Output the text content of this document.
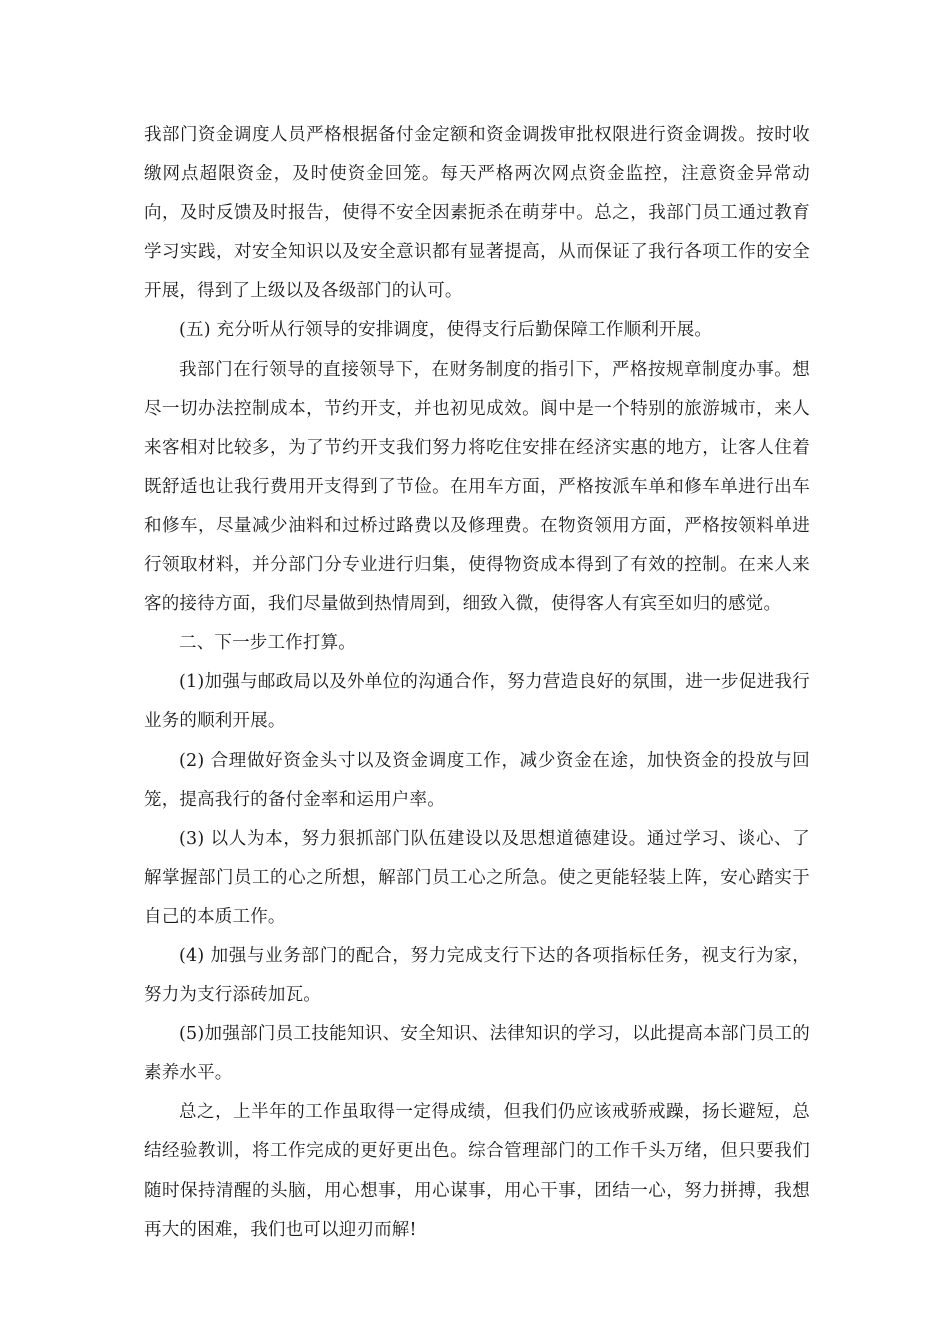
我部门资金调度人员严格根据备付金定额和资金调拨审批权限进行资金调拨。按时收缴网点超限资金，及时使资金回笼。每天严格两次网点资金监控，注意资金异常动向，及时反馈及时报告，使得不安全因素扼杀在萌芽中。总之，我部门员工通过教育学习实践，对安全知识以及安全意识都有显著提高，从而保证了我行各项工作的安全开展，得到了上级以及各级部门的认可。

(五) 充分听从行领导的安排调度，使得支行后勤保障工作顺利开展。

我部门在行领导的直接领导下，在财务制度的指引下，严格按规章制度办事。想尽一切办法控制成本，节约开支，并也初见成效。阆中是一个特别的旅游城市，来人来客相对比较多，为了节约开支我们努力将吃住安排在经济实惠的地方，让客人住着既舒适也让我行费用开支得到了节俭。在用车方面，严格按派车单和修车单进行出车和修车，尽量减少油料和过桥过路费以及修理费。在物资领用方面，严格按领料单进行领取材料，并分部门分专业进行归集，使得物资成本得到了有效的控制。在来人来客的接待方面，我们尽量做到热情周到，细致入微，使得客人有宾至如归的感觉。

二、下一步工作打算。

(1)加强与邮政局以及外单位的沟通合作，努力营造良好的氛围，进一步促进我行业务的顺利开展。

(2) 合理做好资金头寸以及资金调度工作，减少资金在途，加快资金的投放与回笼，提高我行的备付金率和运用户率。

(3) 以人为本，努力狠抓部门队伍建设以及思想道德建设。通过学习、谈心、了解掌握部门员工的心之所想，解部门员工心之所急。使之更能轻装上阵，安心踏实于自己的本质工作。

(4) 加强与业务部门的配合，努力完成支行下达的各项指标任务，视支行为家，努力为支行添砖加瓦。

(5)加强部门员工技能知识、安全知识、法律知识的学习，以此提高本部门员工的素养水平。

总之，上半年的工作虽取得一定得成绩，但我们仍应该戒骄戒躁，扬长避短，总结经验教训，将工作完成的更好更出色。综合管理部门的工作千头万绪，但只要我们随时保持清醒的头脑，用心想事，用心谋事，用心干事，团结一心，努力拼搏，我想再大的困难，我们也可以迎刃而解!
